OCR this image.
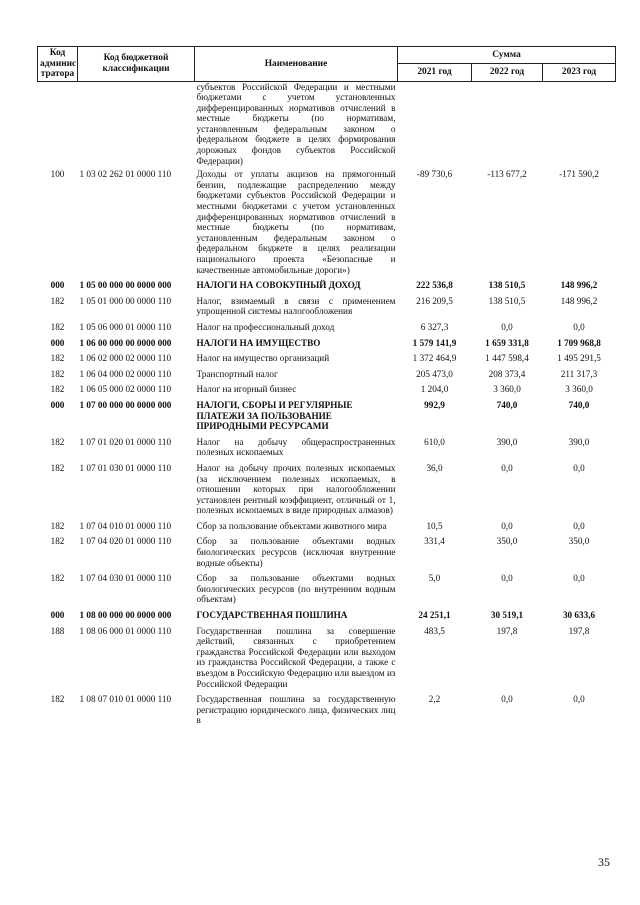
Код админис тратора	Код бюджетной классификации	Наименование	Сумма		
			2021 год	2022 год	2023 год
		субъектов Российской Федерации и местными бюджетами с учетом установленных дифференцированных нормативов отчислений в местные бюджеты (по нормативам, установленным федеральным законом о федеральном бюджете в целях формирования дорожных фондов субъектов Российской Федерации)			
100	1 03 02 262 01 0000 110	Доходы от уплаты акцизов на прямогонный бензин, подлежащие распределению между бюджетами субъектов Российской Федерации и местными бюджетами с учетом установленных дифференцированных нормативов отчислений в местные бюджеты (по нормативам, установленным федеральным законом о федеральном бюджете в целях реализации национального проекта «Безопасные и качественные автомобильные дороги»)	-89 730,6	-113 677,2	-171 590,2
000	1 05 00 000 00 0000 000	НАЛОГИ НА СОВОКУПНЫЙ ДОХОД	222 536,8	138 510,5	148 996,2
182	1 05 01 000 00 0000 110	Налог, взимаемый в связи с применением упрощенной системы налогообложения	216 209,5	138 510,5	148 996,2
182	1 05 06 000 01 0000 110	Налог на профессиональный доход	6 327,3	0,0	0,0
000	1 06 00 000 00 0000 000	НАЛОГИ НА ИМУЩЕСТВО	1 579 141,9	1 659 331,8	1 709 968,8
182	1 06 02 000 02 0000 110	Налог на имущество организаций	1 372 464,9	1 447 598,4	1 495 291,5
182	1 06 04 000 02 0000 110	Транспортный налог	205 473,0	208 373,4	211 317,3
182	1 06 05 000 02 0000 110	Налог на игорный бизнес	1 204,0	3 360,0	3 360,0
000	1 07 00 000 00 0000 000	НАЛОГИ, СБОРЫ И РЕГУЛЯРНЫЕ ПЛАТЕЖИ ЗА ПОЛЬЗОВАНИЕ ПРИРОДНЫМИ РЕСУРСАМИ	992,9	740,0	740,0
182	1 07 01 020 01 0000 110	Налог на добычу общераспространенных полезных ископаемых	610,0	390,0	390,0
182	1 07 01 030 01 0000 110	Налог на добычу прочих полезных ископаемых (за исключением полезных ископаемых, в отношении которых при налогообложении установлен рентный коэффициент, отличный от 1, полезных ископаемых в виде природных алмазов)	36,0	0,0	0,0
182	1 07 04 010 01 0000 110	Сбор за пользование объектами животного мира	10,5	0,0	0,0
182	1 07 04 020 01 0000 110	Сбор за пользование объектами водных биологических ресурсов (исключая внутренние водные объекты)	331,4	350,0	350,0
182	1 07 04 030 01 0000 110	Сбор за пользование объектами водных биологических ресурсов (по внутренним водным объектам)	5,0	0,0	0,0
000	1 08 00 000 00 0000 000	ГОСУДАРСТВЕННАЯ ПОШЛИНА	24 251,1	30 519,1	30 633,6
188	1 08 06 000 01 0000 110	Государственная пошлина за совершение действий, связанных с приобретением гражданства Российской Федерации или выходом из гражданства Российской Федерации, а также с въездом в Российскую Федерацию или выездом из Российской Федерации	483,5	197,8	197,8
182	1 08 07 010 01 0000 110	Государственная пошлина за государственную регистрацию юридического лица, физических лиц в	2,2	0,0	0,0
35
